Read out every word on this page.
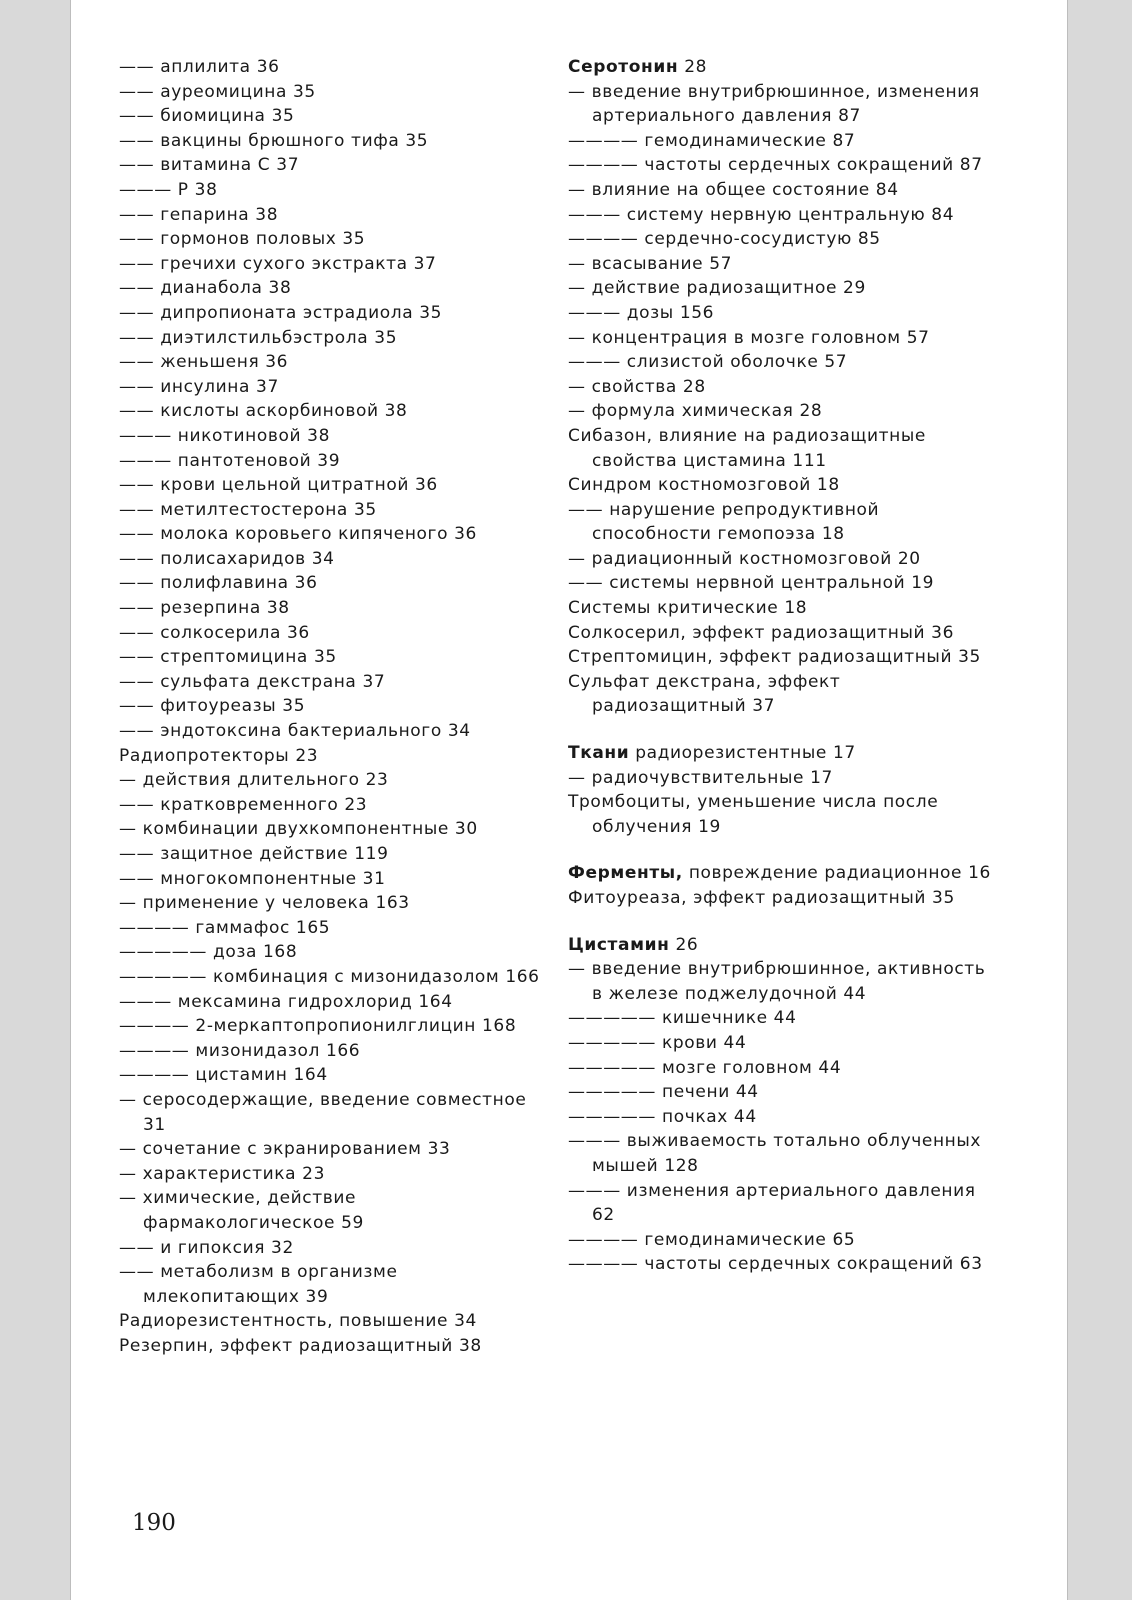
—— аплилита 36

—— ауреомицина 35

—— биомицина 35

—— вакцины брюшного тифа 35

—— витамина С 37

——— Р 38

—— гепарина 38

—— гормонов половых 35

—— гречихи сухого экстракта 37

—— дианабола 38

—— дипропионата эстрадиола 35

—— диэтилстильбэстрола 35

—— женьшеня 36

—— инсулина 37

—— кислоты аскорбиновой 38

——— никотиновой 38

——— пантотеновой 39

—— крови цельной цитратной 36

—— метилтестостерона 35

—— молока коровьего кипяченого 36

—— полисахаридов 34

—— полифлавина 36

—— резерпина 38

—— солкосерила 36

—— стрептомицина 35

—— сульфата декстрана 37

—— фитоуреазы 35

—— эндотоксина бактериального 34

Радиопротекторы 23

— действия длительного 23

—— кратковременного 23

— комбинации двухкомпонентные 30

—— защитное действие 119

—— многокомпонентные 31

— применение у человека 163

———— гаммафос 165

————— доза 168

————— комбинация с мизонидазолом 166

——— мексамина гидрохлорид 164

———— 2-меркаптопропионилглицин 168

———— мизонидазол 166

———— цистамин 164

— серосодержащие, введение совместное 31

— сочетание с экранированием 33

— характеристика 23

— химические, действие фармакологическое 59

—— и гипоксия 32

—— метаболизм в организме млекопитающих 39

Радиорезистентность, повышение 34

Резерпин, эффект радиозащитный 38

Серотонин 28

— введение внутрибрюшинное, изменения артериального давления 87

———— гемодинамические 87

———— частоты сердечных сокращений 87

— влияние на общее состояние 84

——— систему нервную центральную 84

———— сердечно-сосудистую 85

— всасывание 57

— действие радиозащитное 29

——— дозы 156

— концентрация в мозге головном 57

——— слизистой оболочке 57

— свойства 28

— формула химическая 28

Сибазон, влияние на радиозащитные свойства цистамина 111

Синдром костномозговой 18

—— нарушение репродуктивной способности гемопоэза 18

— радиационный костномозговой 20

—— системы нервной центральной 19

Системы критические 18

Солкосерил, эффект радиозащитный 36

Стрептомицин, эффект радиозащитный 35

Сульфат декстрана, эффект радиозащитный 37

Ткани радиорезистентные 17

— радиочувствительные 17

Тромбоциты, уменьшение числа после облучения 19

Ферменты, повреждение радиационное 16

Фитоуреаза, эффект радиозащитный 35

Цистамин 26

— введение внутрибрюшинное, активность в железе поджелудочной 44

————— кишечнике 44

————— крови 44

————— мозге головном 44

————— печени 44

————— почках 44

——— выживаемость тотально облученных мышей 128

——— изменения артериального давления 62

———— гемодинамические 65

———— частоты сердечных сокращений 63

190
